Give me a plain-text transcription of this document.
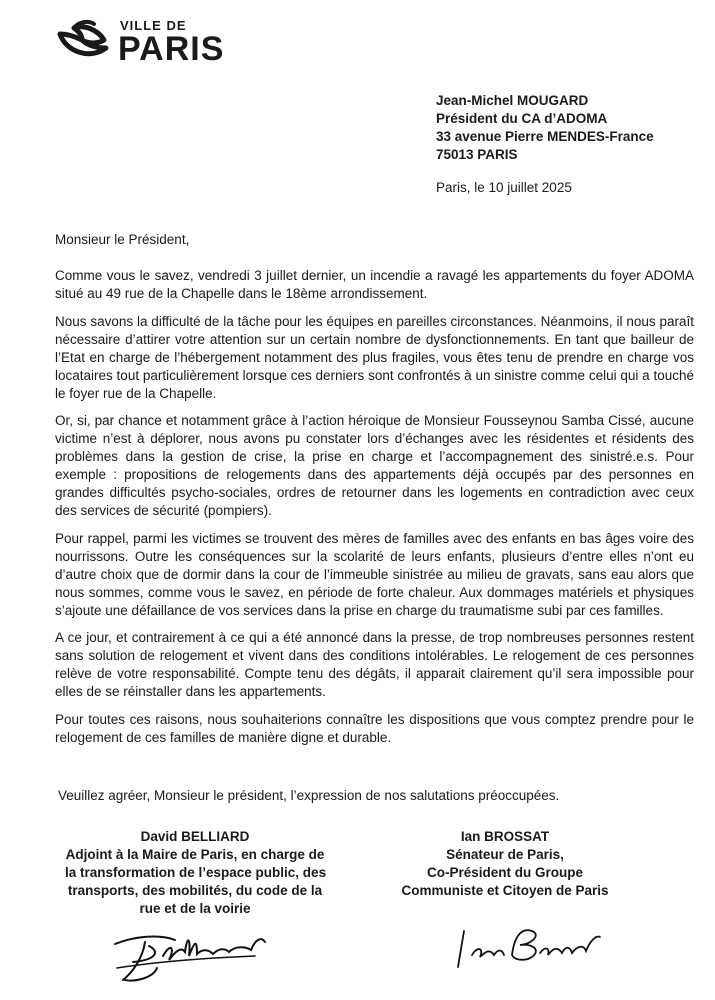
VILLE DE
PARIS
Jean-Michel MOUGARD
Président du CA d’ADOMA
33 avenue Pierre MENDES-France
75013 PARIS
Paris, le 10 juillet 2025
Monsieur le Président,
Comme vous le savez, vendredi 3 juillet dernier, un incendie a ravagé les appartements du foyer ADOMA situé au 49 rue de la Chapelle dans le 18ème arrondissement.
Nous savons la difficulté de la tâche pour les équipes en pareilles circonstances. Néanmoins, il nous paraît nécessaire d’attirer votre attention sur un certain nombre de dysfonctionnements. En tant que bailleur de l’Etat en charge de l’hébergement notamment des plus fragiles, vous êtes tenu de prendre en charge vos locataires tout particulièrement lorsque ces derniers sont confrontés à un sinistre comme celui qui a touché le foyer rue de la Chapelle.
Or, si, par chance et notamment grâce à l’action héroique de Monsieur Fousseynou Samba Cissé, aucune victime n’est à déplorer, nous avons pu constater lors d’échanges avec les résidentes et résidents des problèmes dans la gestion de crise, la prise en charge et l’accompagnement des sinistré.e.s. Pour exemple : propositions de relogements dans des appartements déjà occupés par des personnes en grandes difficultés psycho-sociales, ordres de retourner dans les logements en contradiction avec ceux des services de sécurité (pompiers).
Pour rappel, parmi les victimes se trouvent des mères de familles avec des enfants en bas âges voire des nourrissons. Outre les conséquences sur la scolarité de leurs enfants, plusieurs d’entre elles n’ont eu d’autre choix que de dormir dans la cour de l’immeuble sinistrée au milieu de gravats, sans eau alors que nous sommes, comme vous le savez, en période de forte chaleur. Aux dommages matériels et physiques s’ajoute une défaillance de vos services dans la prise en charge du traumatisme subi par ces familles.
A ce jour, et contrairement à ce qui a été annoncé dans la presse, de trop nombreuses personnes restent sans solution de relogement et vivent dans des conditions intolérables. Le relogement de ces personnes relève de votre responsabilité. Compte tenu des dégâts, il apparait clairement qu’il sera impossible pour elles de se réinstaller dans les appartements.
Pour toutes ces raisons, nous souhaiterions connaître les dispositions que vous comptez prendre pour le relogement de ces familles de manière digne et durable.
Veuillez agréer, Monsieur le président, l’expression de nos salutations préoccupées.
David BELLIARD
Adjoint à la Maire de Paris, en charge de
la transformation de l’espace public, des
transports, des mobilités, du code de la
rue et de la voirie
Ian BROSSAT
Sénateur de Paris,
Co-Président du Groupe
Communiste et Citoyen de Paris
